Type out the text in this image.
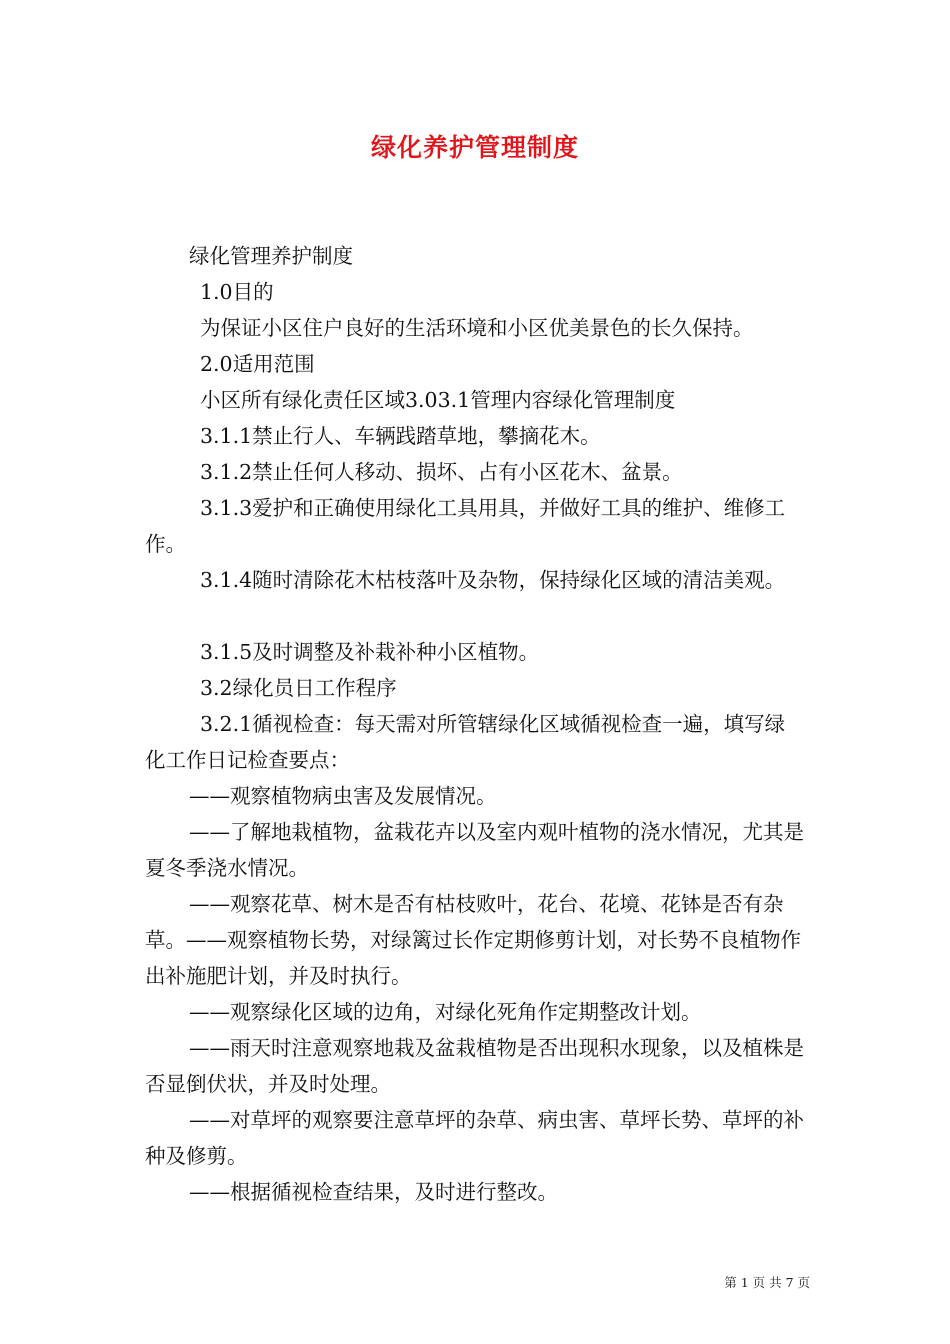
绿化养护管理制度

绿化管理养护制度

1.0目的

为保证小区住户良好的生活环境和小区优美景色的长久保持。

2.0适用范围

小区所有绿化责任区域3.03.1管理内容绿化管理制度

3.1.1禁止行人、车辆践踏草地，攀摘花木。

3.1.2禁止任何人移动、损坏、占有小区花木、盆景。

3.1.3爱护和正确使用绿化工具用具，并做好工具的维护、维修工作。

3.1.4随时清除花木枯枝落叶及杂物，保持绿化区域的清洁美观。

3.1.5及时调整及补栽补种小区植物。

3.2绿化员日工作程序

3.2.1循视检查：每天需对所管辖绿化区域循视检查一遍，填写绿化工作日记检查要点：

——观察植物病虫害及发展情况。

——了解地栽植物，盆栽花卉以及室内观叶植物的浇水情况，尤其是夏冬季浇水情况。

——观察花草、树木是否有枯枝败叶，花台、花境、花钵是否有杂草。——观察植物长势，对绿篱过长作定期修剪计划，对长势不良植物作出补施肥计划，并及时执行。

——观察绿化区域的边角，对绿化死角作定期整改计划。

——雨天时注意观察地栽及盆栽植物是否出现积水现象，以及植株是否显倒伏状，并及时处理。

——对草坪的观察要注意草坪的杂草、病虫害、草坪长势、草坪的补种及修剪。

——根据循视检查结果，及时进行整改。

第 1 页 共 7 页
